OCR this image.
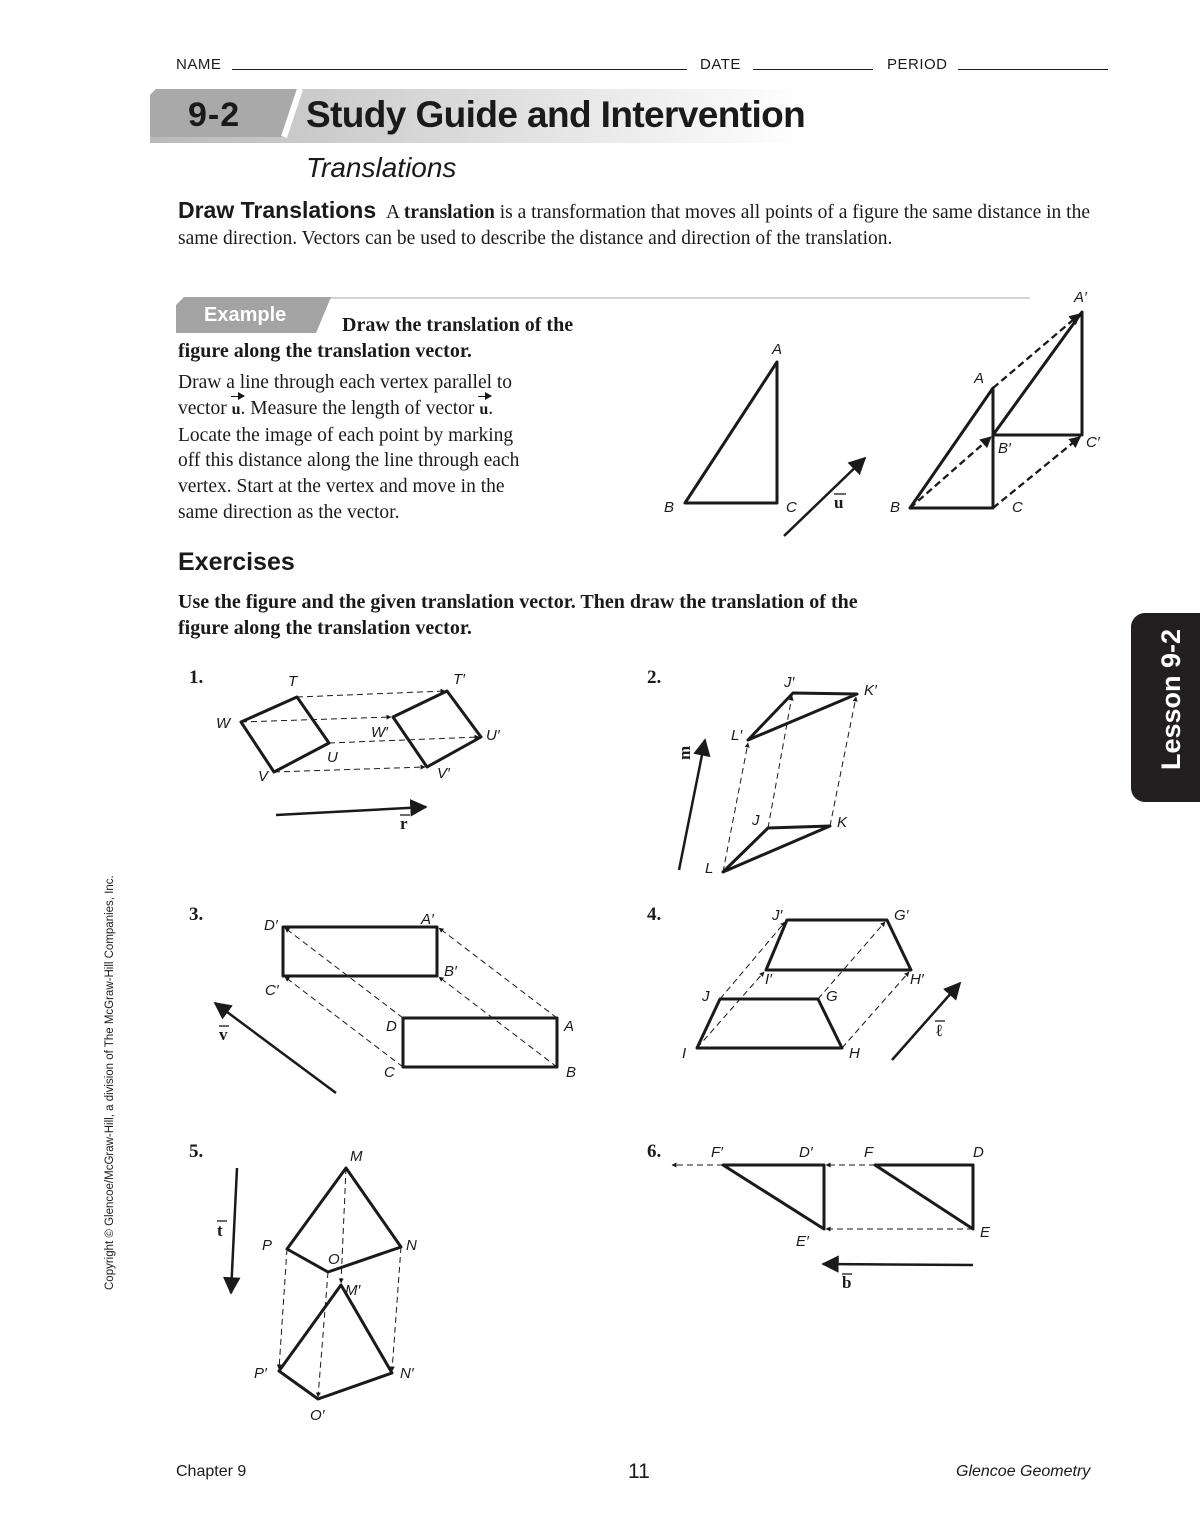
NAME	DATE	PERIOD
9-2 Study Guide and Intervention
Translations
Draw Translations A translation is a transformation that moves all points of a figure the same distance in the same direction. Vectors can be used to describe the distance and direction of the translation.
Example	Draw the translation of the
figure along the translation vector.

Draw a line through each vertex parallel to

vector u. Measure the length of vector u.

Locate the image of each point by marking

off this distance along the line through each

vertex. Start at the vertex and move in the

same direction as the vector.

Exercises
Use the figure and the given translation vector. Then draw the translation of the
figure along the translation vector.
1.	2.
3.	4.
5.	6.
A
B	C u
A′
A
B′	C′
B	C
r
T	T′
W
W′
U
U′
V	V′
m
J′	K′
L′
J	K
L
v
D′	A′
B′
C′
D	A
C	B
ℓ
J′	G′
I′	H′
J	G
I	H
t
M
P
O
N
M′
P′	N′
O′
b
F′	D′	F	D
E′
E
Lesson 9-2
Copyright © Glencoe/McGraw-Hill, a division of The McGraw-Hill Companies, Inc.
Chapter 9	11	Glencoe Geometry
